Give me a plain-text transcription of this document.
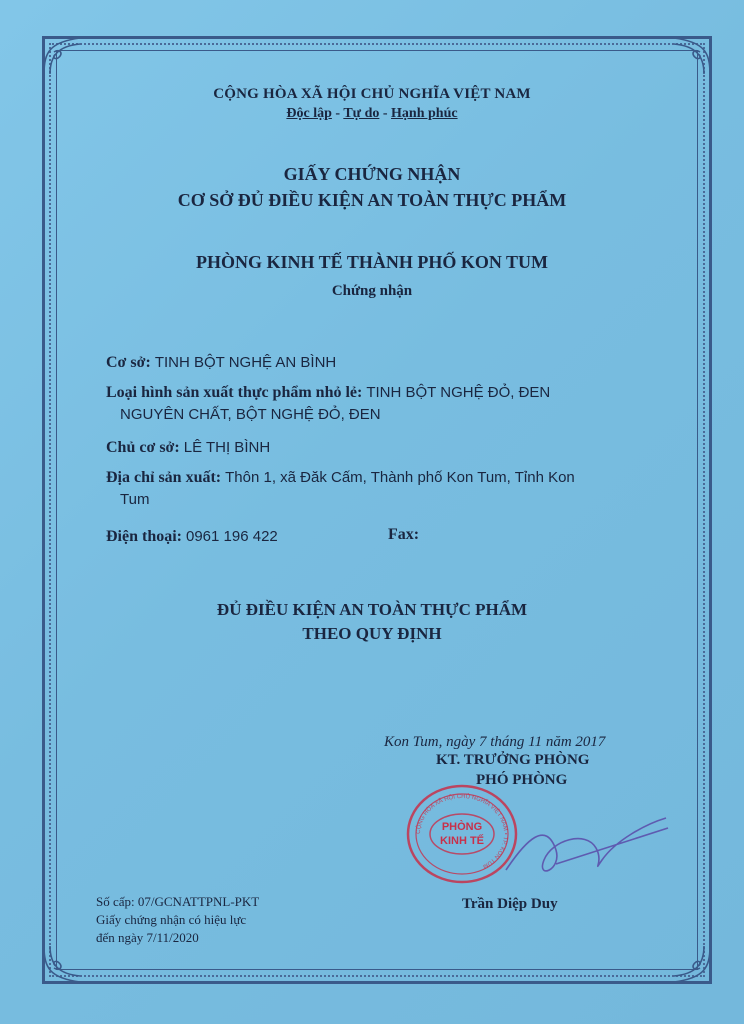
CỘNG HÒA XÃ HỘI CHỦ NGHĨA VIỆT NAM
Độc lập - Tự do - Hạnh phúc
GIẤY CHỨNG NHẬN
CƠ SỞ ĐỦ ĐIỀU KIỆN AN TOÀN THỰC PHẨM
PHÒNG KINH TẾ THÀNH PHỐ KON TUM
Chứng nhận
Cơ sở: TINH BỘT NGHỆ AN BÌNH
Loại hình sản xuất thực phẩm nhỏ lẻ: TINH BỘT NGHỆ ĐỎ, ĐEN
NGUYÊN CHẤT, BỘT NGHỆ ĐỎ, ĐEN
Chủ cơ sở: LÊ THỊ BÌNH
Địa chỉ sản xuất: Thôn 1, xã Đăk Cấm, Thành phố Kon Tum, Tỉnh Kon
Tum
Điện thoại: 0961 196 422	Fax:
ĐỦ ĐIỀU KIỆN AN TOÀN THỰC PHẨM
THEO QUY ĐỊNH
Kon Tum, ngày 7 tháng 11 năm 2017
KT. TRƯỞNG PHÒNG
PHÓ PHÒNG
PHÒNG
KINH TẾ
CỘNG HÒA XÃ HỘI CHỦ NGHĨA VIỆT NAM • TP. KON TUM
Trần Diệp Duy
Số cấp: 07/GCNATTPNL-PKT
Giấy chứng nhận có hiệu lực
đến ngày 7/11/2020
